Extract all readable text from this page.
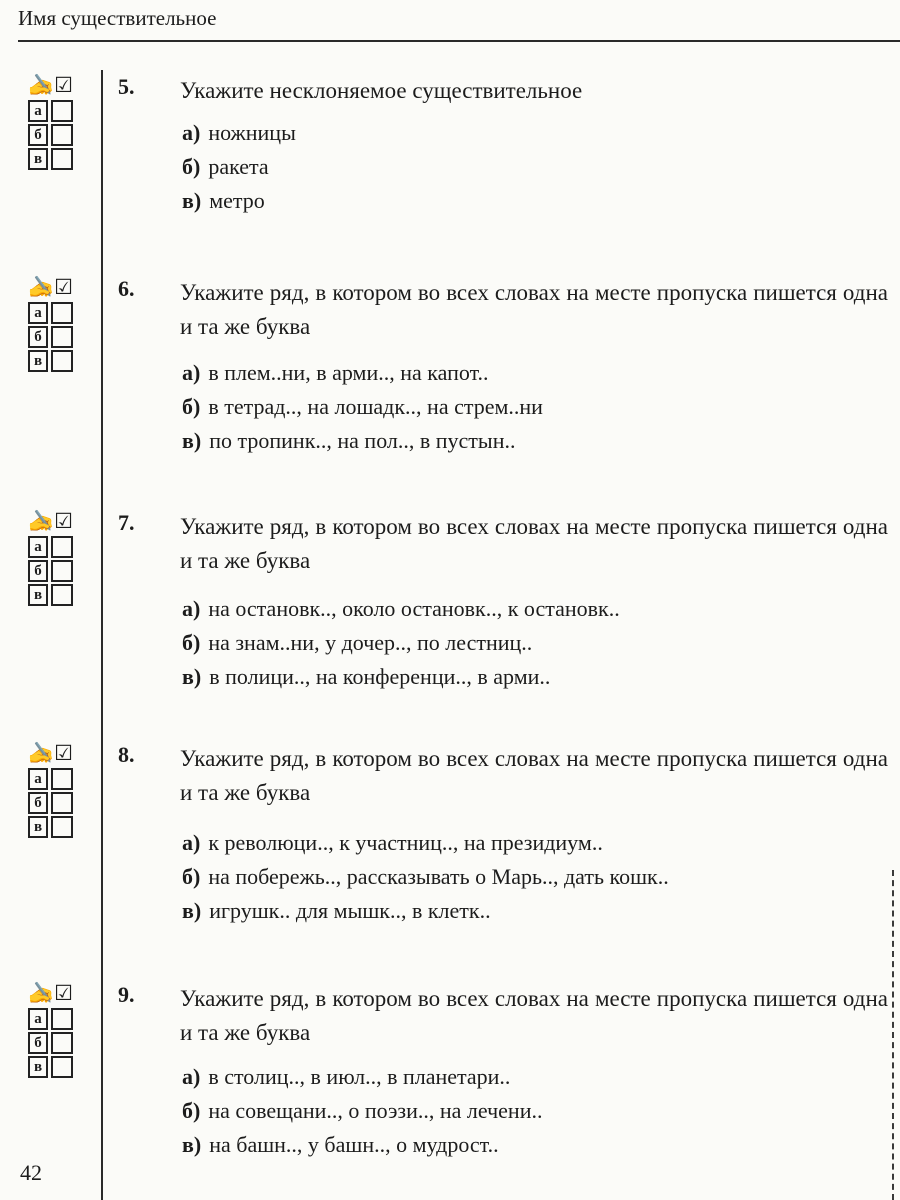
Имя существительное
✍☑
а
б
в
5. Укажите несклоняемое существительное
а) ножницы
б) ракета
в) метро
✍☑
а
б
в
6. Укажите ряд, в котором во всех словах на месте пропуска пишется одна и та же буква
а) в плем..ни, в арми.., на капот..
б) в тетрад.., на лошадк.., на стрем..ни
в) по тропинк.., на пол.., в пустын..
✍☑
а
б
в
7. Укажите ряд, в котором во всех словах на месте пропуска пишется одна и та же буква
а) на остановк.., около остановк.., к остановк..
б) на знам..ни, у дочер.., по лестниц..
в) в полици.., на конференци.., в арми..
✍☑
а
б
в
8. Укажите ряд, в котором во всех словах на месте пропуска пишется одна и та же буква
а) к революци.., к участниц.., на президиум..
б) на побережь.., рассказывать о Марь.., дать кошк..
в) игрушк.. для мышк.., в клетк..
✍☑
а
б
в
9. Укажите ряд, в котором во всех словах на месте пропуска пишется одна и та же буква
а) в столиц.., в июл.., в планетари..
б) на совещани.., о поэзи.., на лечени..
в) на башн.., у башн.., о мудрост..
42
